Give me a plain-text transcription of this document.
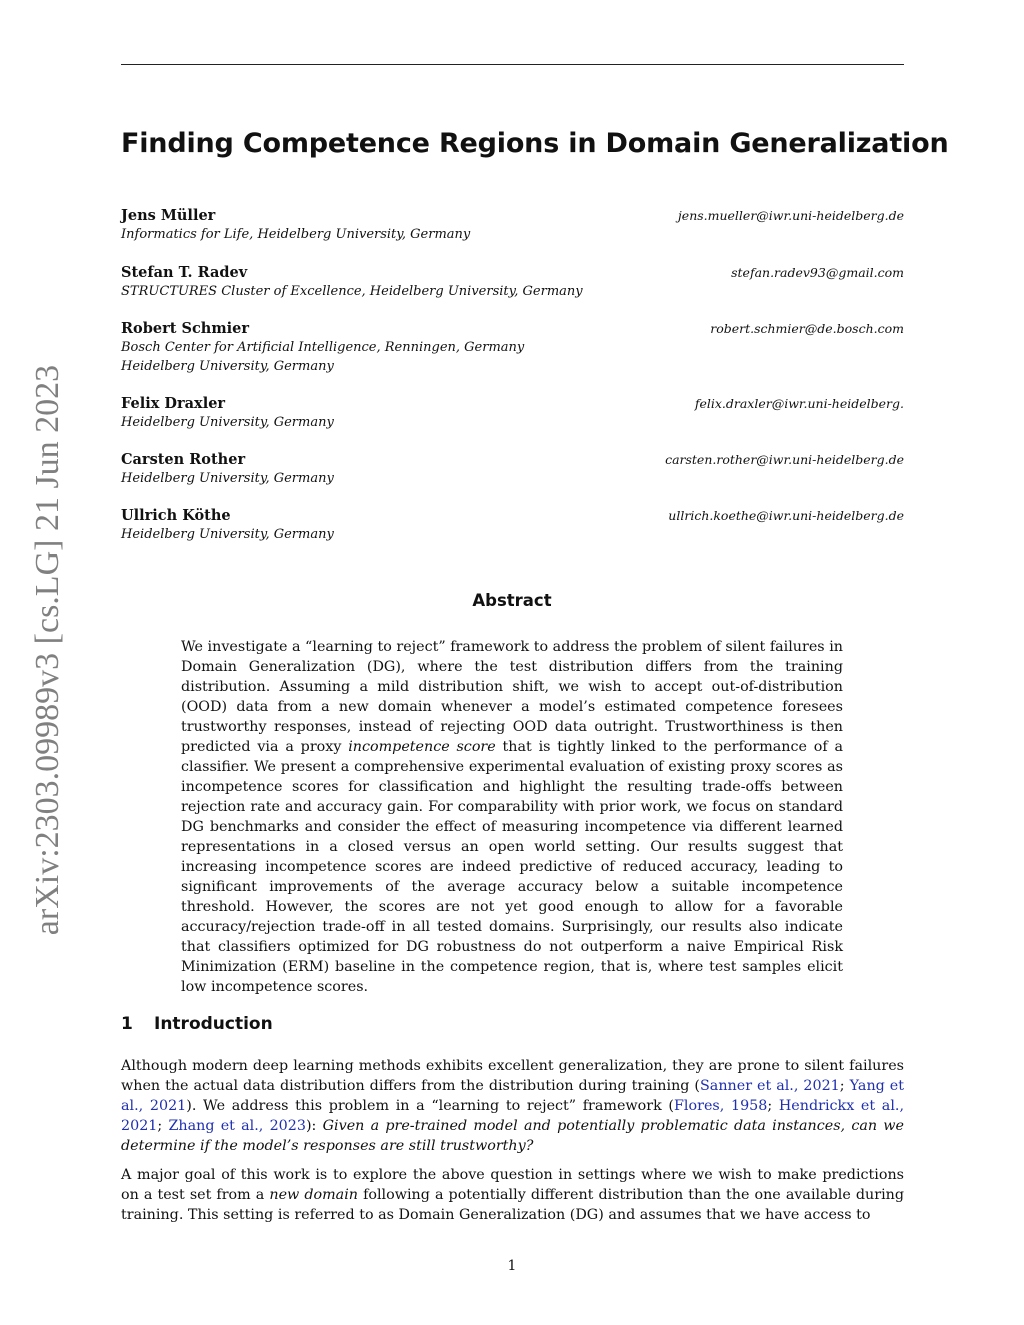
arXiv:2303.09989v3 [cs.LG] 21 Jun 2023
Finding Competence Regions in Domain Generalization
Jens Müller	jens.mueller@iwr.uni-heidelberg.de
Informatics for Life, Heidelberg University, Germany
Stefan T. Radev	stefan.radev93@gmail.com
STRUCTURES Cluster of Excellence, Heidelberg University, Germany
Robert Schmier	robert.schmier@de.bosch.com
Bosch Center for Artificial Intelligence, Renningen, Germany
Heidelberg University, Germany
Felix Draxler	felix.draxler@iwr.uni-heidelberg.
Heidelberg University, Germany
Carsten Rother	carsten.rother@iwr.uni-heidelberg.de
Heidelberg University, Germany
Ullrich Köthe	ullrich.koethe@iwr.uni-heidelberg.de
Heidelberg University, Germany
Abstract

We investigate a “learning to reject” framework to address the problem of silent failures in Domain Generalization (DG), where the test distribution differs from the training distribution. Assuming a mild distribution shift, we wish to accept out-of-distribution (OOD) data from a new domain whenever a model’s estimated competence foresees trustworthy responses, instead of rejecting OOD data outright. Trustworthiness is then predicted via a proxy incompetence score that is tightly linked to the performance of a classifier. We present a comprehensive experimental evaluation of existing proxy scores as incompetence scores for classification and highlight the resulting trade-offs between rejection rate and accuracy gain. For comparability with prior work, we focus on standard DG benchmarks and consider the effect of measuring incompetence via different learned representations in a closed versus an open world setting. Our results suggest that increasing incompetence scores are indeed predictive of reduced accuracy, leading to significant improvements of the average accuracy below a suitable incompetence threshold. However, the scores are not yet good enough to allow for a favorable accuracy/rejection trade-off in all tested domains. Surprisingly, our results also indicate that classifiers optimized for DG robustness do not outperform a naive Empirical Risk Minimization (ERM) baseline in the competence region, that is, where test samples elicit low incompetence scores.

1 Introduction

Although modern deep learning methods exhibits excellent generalization, they are prone to silent failures when the actual data distribution differs from the distribution during training (Sanner et al., 2021; Yang et al., 2021). We address this problem in a “learning to reject” framework (Flores, 1958; Hendrickx et al., 2021; Zhang et al., 2023): Given a pre-trained model and potentially problematic data instances, can we determine if the model’s responses are still trustworthy?

A major goal of this work is to explore the above question in settings where we wish to make predictions on a test set from a new domain following a potentially different distribution than the one available during training. This setting is referred to as Domain Generalization (DG) and assumes that we have access to

1
